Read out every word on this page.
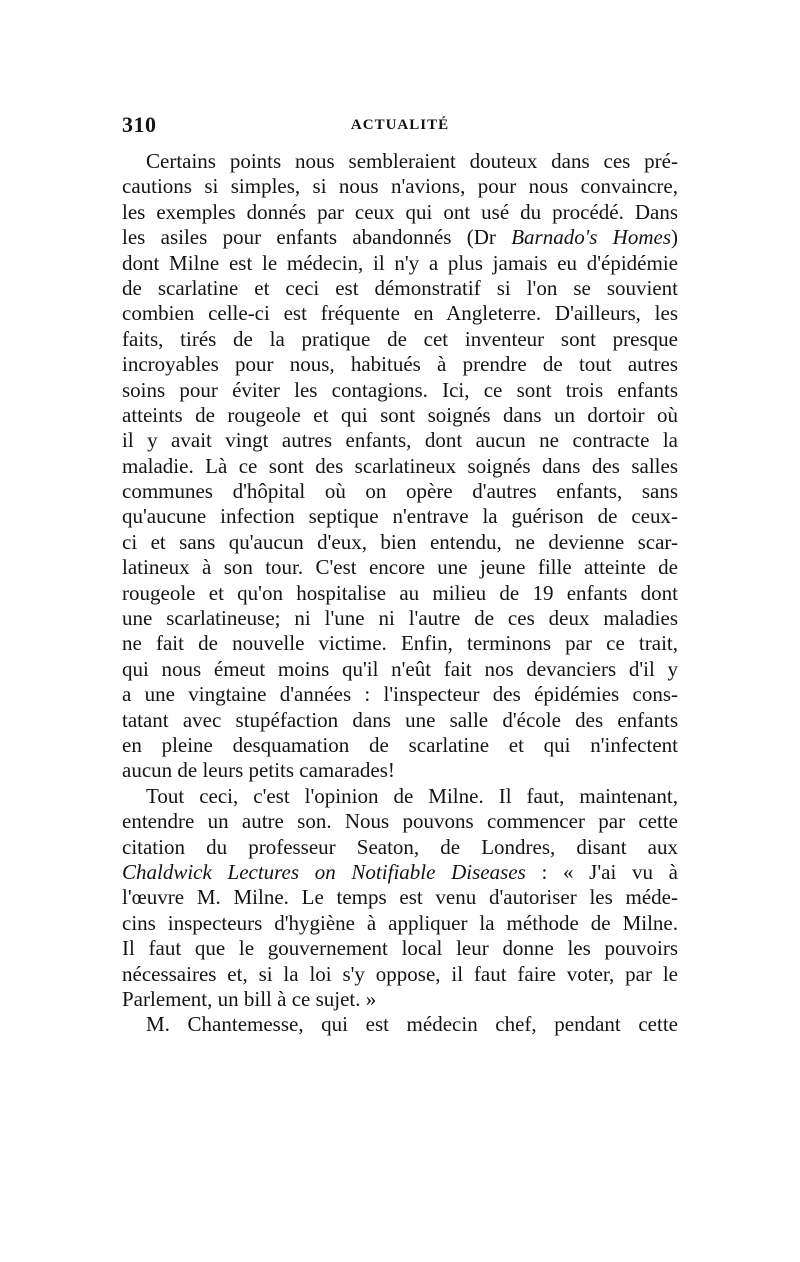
310	ACTUALITÉ
Certains points nous sembleraient douteux dans ces pré-
cautions si simples, si nous n'avions, pour nous convaincre,
les exemples donnés par ceux qui ont usé du procédé. Dans
les asiles pour enfants abandonnés (Dr Barnado's Homes)
dont Milne est le médecin, il n'y a plus jamais eu d'épidémie
de scarlatine et ceci est démonstratif si l'on se souvient
combien celle-ci est fréquente en Angleterre. D'ailleurs, les
faits, tirés de la pratique de cet inventeur sont presque
incroyables pour nous, habitués à prendre de tout autres
soins pour éviter les contagions. Ici, ce sont trois enfants
atteints de rougeole et qui sont soignés dans un dortoir où
il y avait vingt autres enfants, dont aucun ne contracte la
maladie. Là ce sont des scarlatineux soignés dans des salles
communes d'hôpital où on opère d'autres enfants, sans
qu'aucune infection septique n'entrave la guérison de ceux-
ci et sans qu'aucun d'eux, bien entendu, ne devienne scar-
latineux à son tour. C'est encore une jeune fille atteinte de
rougeole et qu'on hospitalise au milieu de 19 enfants dont
une scarlatineuse; ni l'une ni l'autre de ces deux maladies
ne fait de nouvelle victime. Enfin, terminons par ce trait,
qui nous émeut moins qu'il n'eût fait nos devanciers d'il y
a une vingtaine d'années : l'inspecteur des épidémies cons-
tatant avec stupéfaction dans une salle d'école des enfants
en pleine desquamation de scarlatine et qui n'infectent
aucun de leurs petits camarades!
Tout ceci, c'est l'opinion de Milne. Il faut, maintenant,
entendre un autre son. Nous pouvons commencer par cette
citation du professeur Seaton, de Londres, disant aux
Chaldwick Lectures on Notifiable Diseases : « J'ai vu à
l'œuvre M. Milne. Le temps est venu d'autoriser les méde-
cins inspecteurs d'hygiène à appliquer la méthode de Milne.
Il faut que le gouvernement local leur donne les pouvoirs
nécessaires et, si la loi s'y oppose, il faut faire voter, par le
Parlement, un bill à ce sujet. »
M. Chantemesse, qui est médecin chef, pendant cette
